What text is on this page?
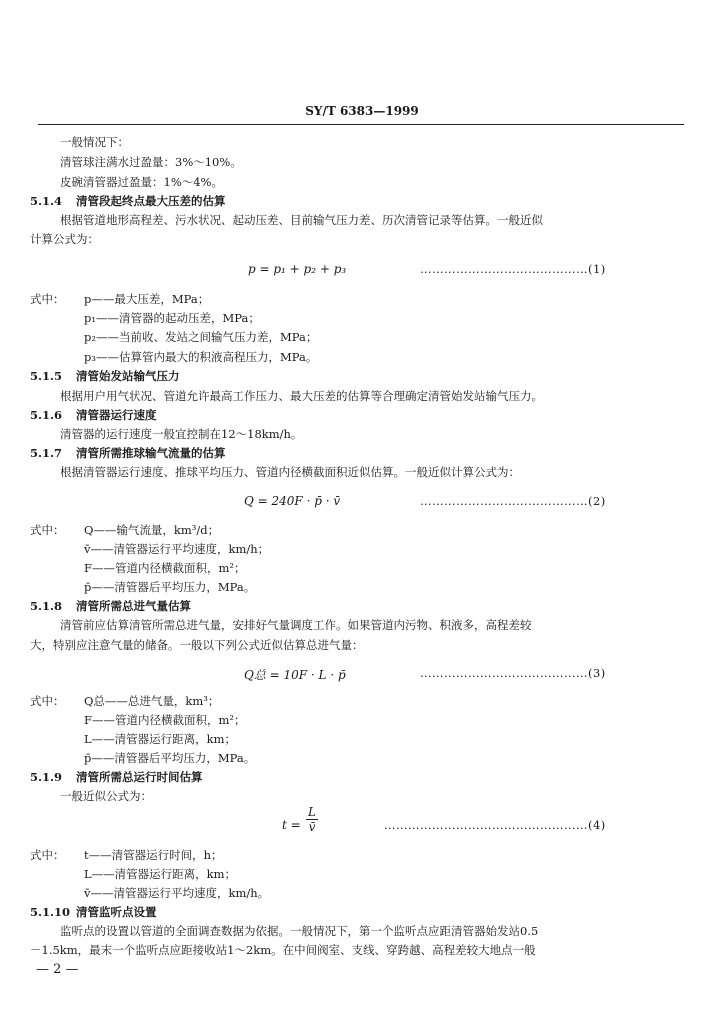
SY/T 6383—1999
一般情况下：
清管球注满水过盈量：3%～10%。
皮碗清管器过盈量：1%～4%。
5.1.4 清管段起终点最大压差的估算
根据管道地形高程差、污水状况、起动压差、目前输气压力差、历次清管记录等估算。一般近似
计算公式为：
p = p₁ + p₂ + p₃	……………………………………(1)
式中： p——最大压差，MPa；
p₁——清管器的起动压差，MPa；
p₂——当前收、发站之间输气压力差，MPa；
p₃——估算管内最大的积液高程压力，MPa。
5.1.5 清管始发站输气压力
根据用户用气状况、管道允许最高工作压力、最大压差的估算等合理确定清管始发站输气压力。
5.1.6 清管器运行速度
清管器的运行速度一般宜控制在12～18km/h。
5.1.7 清管所需推球输气流量的估算
根据清管器运行速度、推球平均压力、管道内径横截面积近似估算。一般近似计算公式为：
Q = 240F · p̄ · v̄	……………………………………(2)
式中： Q——输气流量，km³/d；
v̄——清管器运行平均速度，km/h；
F——管道内径横截面积，m²；
p̄——清管器后平均压力，MPa。
5.1.8 清管所需总进气量估算
清管前应估算清管所需总进气量，安排好气量调度工作。如果管道内污物、积液多，高程差较
大，特别应注意气量的储备。一般以下列公式近似估算总进气量：
Q总 = 10F · L · p̄	……………………………………(3)
式中： Q总——总进气量，km³；
F——管道内径横截面积，m²；
L——清管器运行距离，km；
p̄——清管器后平均压力，MPa。
5.1.9 清管所需总运行时间估算
一般近似公式为：
t =
L
v̄	……………………………………………(4)
式中： t——清管器运行时间，h；
L——清管器运行距离，km；
v̄——清管器运行平均速度，km/h。
5.1.10 清管监听点设置
监听点的设置以管道的全面调查数据为依据。一般情况下，第一个监听点应距清管器始发站0.5
－1.5km，最末一个监听点应距接收站1～2km。在中间阀室、支线、穿跨越、高程差较大地点一般
— 2 —
